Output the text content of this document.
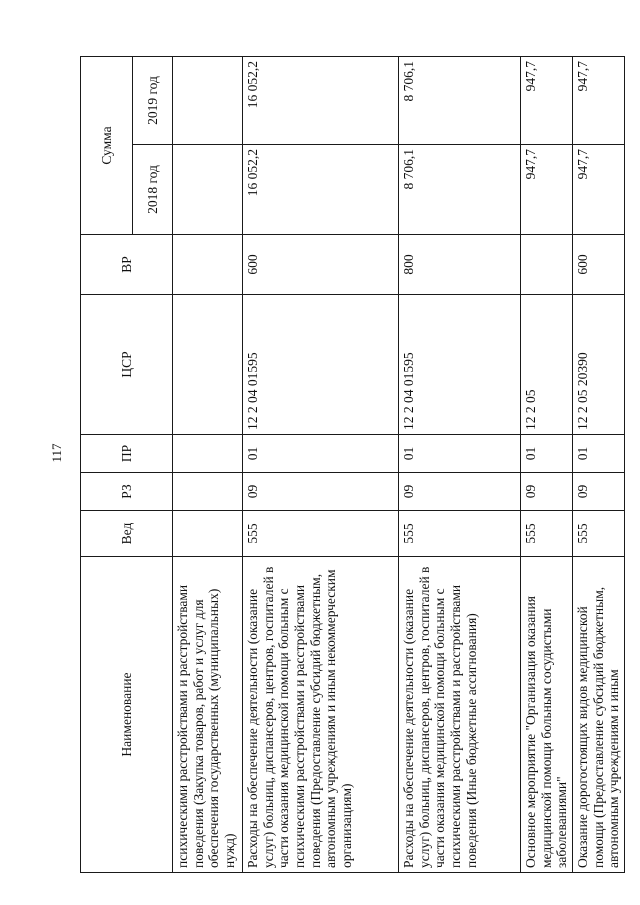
117
Наименование	Вед	РЗ	ПР	ЦСР	ВР	Сумма	
						2018 год	2019 год
психическими расстройствами и расстройствами поведения (Закупка товаров, работ и услуг для обеспечения государственных (муниципальных) нужд)							
Расходы на обеспечение деятельности (оказание услуг) больниц, диспансеров, центров, госпиталей в части оказания медицинской помощи больным с психическими расстройствами и расстройствами поведения (Предоставление субсидий бюджетным, автономным учреждениям и иным некоммерческим организациям)	555	09	01	12 2 04 01595	600	16 052,2	16 052,2
Расходы на обеспечение деятельности (оказание услуг) больниц, диспансеров, центров, госпиталей в части оказания медицинской помощи больным с психическими расстройствами и расстройствами поведения (Иные бюджетные ассигнования)	555	09	01	12 2 04 01595	800	8 706,1	8 706,1
Основное мероприятие "Организация оказания медицинской помощи больным сосудистыми заболеваниями"	555	09	01	12 2 05		947,7	947,7
Оказание дорогостоящих видов медицинской помощи (Предоставление субсидий бюджетным, автономным учреждениям и иным	555	09	01	12 2 05 20390	600	947,7	947,7
